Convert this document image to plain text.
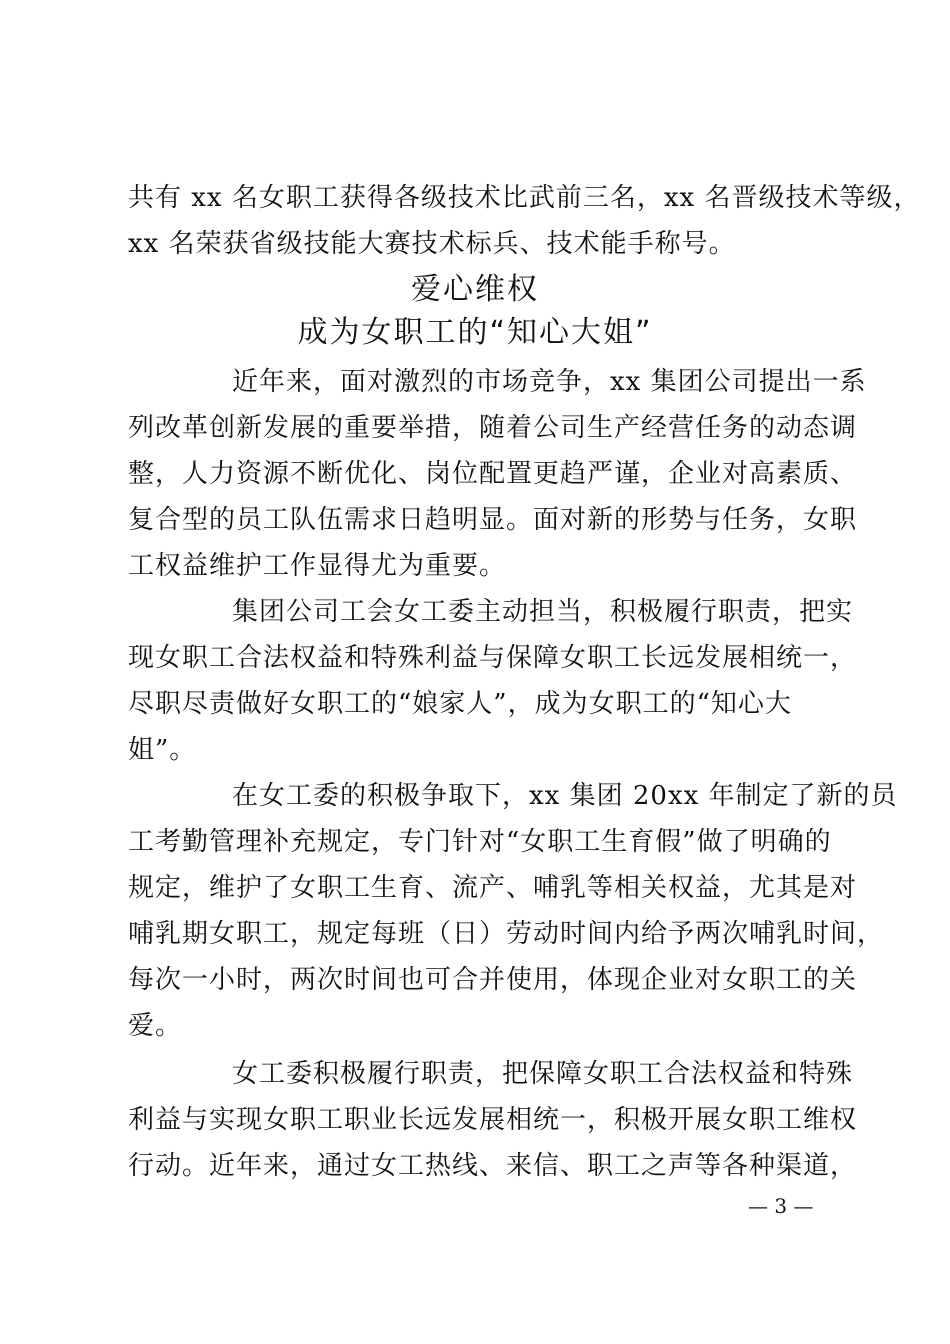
共有 xx 名女职工获得各级技术比武前三名，xx 名晋级技术等级，
xx 名荣获省级技能大赛技术标兵、技术能手称号。
爱心维权
成为女职工的“知心大姐”
近年来，面对激烈的市场竞争，xx 集团公司提出一系
列改革创新发展的重要举措，随着公司生产经营任务的动态调
整，人力资源不断优化、岗位配置更趋严谨，企业对高素质、
复合型的员工队伍需求日趋明显。面对新的形势与任务，女职
工权益维护工作显得尤为重要。
集团公司工会女工委主动担当，积极履行职责，把实
现女职工合法权益和特殊利益与保障女职工长远发展相统一，
尽职尽责做好女职工的“娘家人”，成为女职工的“知心大
姐”。
在女工委的积极争取下，xx 集团 20xx 年制定了新的员
工考勤管理补充规定，专门针对“女职工生育假”做了明确的
规定，维护了女职工生育、流产、哺乳等相关权益，尤其是对
哺乳期女职工，规定每班（日）劳动时间内给予两次哺乳时间，
每次一小时，两次时间也可合并使用，体现企业对女职工的关
爱。
女工委积极履行职责，把保障女职工合法权益和特殊
利益与实现女职工职业长远发展相统一，积极开展女职工维权
行动。近年来，通过女工热线、来信、职工之声等各种渠道，
— 3 —
